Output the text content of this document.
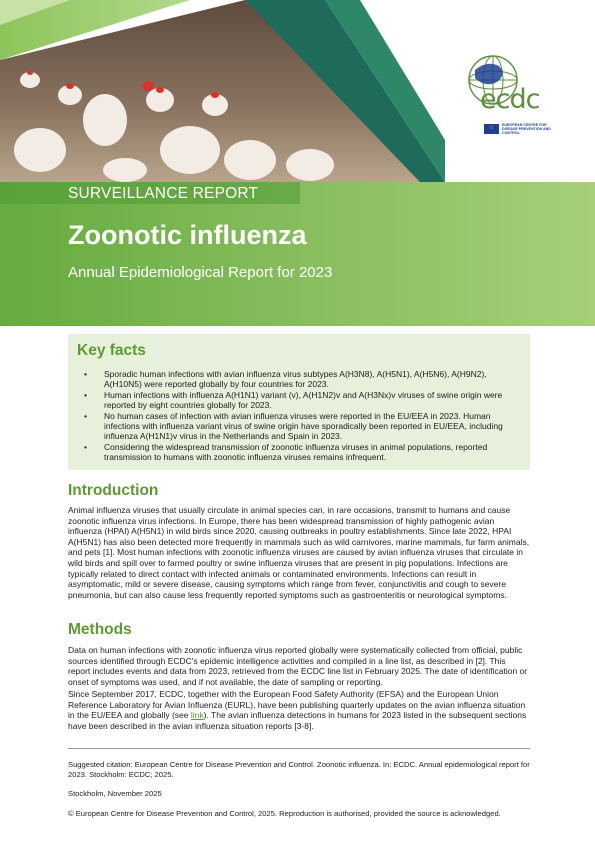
ecdc
☆	EUROPEAN CENTRE FOR DISEASE PREVENTION AND CONTROL
SURVEILLANCE REPORT
Zoonotic influenza
Annual Epidemiological Report for 2023
Key facts
• Sporadic human infections with avian influenza virus subtypes A(H3N8), A(H5N1), A(H5N6), A(H9N2), A(H10N5) were reported globally by four countries for 2023.
• Human infections with influenza A(H1N1) variant (v), A(H1N2)v and A(H3Nx)v viruses of swine origin were reported by eight countries globally for 2023.
• No human cases of infection with avian influenza viruses were reported in the EU/EEA in 2023. Human infections with influenza variant virus of swine origin have sporadically been reported in EU/EEA, including influenza A(H1N1)v virus in the Netherlands and Spain in 2023.
• Considering the widespread transmission of zoonotic influenza viruses in animal populations, reported transmission to humans with zoonotic influenza viruses remains infrequent.
Introduction

Animal influenza viruses that usually circulate in animal species can, in rare occasions, transmit to humans and cause zoonotic influenza virus infections. In Europe, there has been widespread transmission of highly pathogenic avian influenza (HPAI) A(H5N1) in wild birds since 2020, causing outbreaks in poultry establishments. Since late 2022, HPAI A(H5N1) has also been detected more frequently in mammals such as wild carnivores, marine mammals, fur farm animals, and pets [1]. Most human infections with zoonotic influenza viruses are caused by avian influenza viruses that circulate in wild birds and spill over to farmed poultry or swine influenza viruses that are present in pig populations. Infections are typically related to direct contact with infected animals or contaminated environments. Infections can result in asymptomatic, mild or severe disease, causing symptoms which range from fever, conjunctivitis and cough to severe pneumonia, but can also cause less frequently reported symptoms such as gastroenteritis or neurological symptoms.

Methods

Data on human infections with zoonotic influenza virus reported globally were systematically collected from official, public sources identified through ECDC's epidemic intelligence activities and compiled in a line list, as described in [2]. This report includes events and data from 2023, retrieved from the ECDC line list in February 2025. The date of identification or onset of symptoms was used, and if not available, the date of sampling or reporting.

Since September 2017, ECDC, together with the European Food Safety Authority (EFSA) and the European Union Reference Laboratory for Avian Influenza (EURL), have been publishing quarterly updates on the avian influenza situation in the EU/EEA and globally (see link). The avian influenza detections in humans for 2023 listed in the subsequent sections have been described in the avian influenza situation reports [3-8].

Suggested citation: European Centre for Disease Prevention and Control. Zoonotic influenza. In: ECDC. Annual epidemiological report for 2023. Stockholm: ECDC; 2025.

Stockholm, November 2025

© European Centre for Disease Prevention and Control, 2025. Reproduction is authorised, provided the source is acknowledged.
